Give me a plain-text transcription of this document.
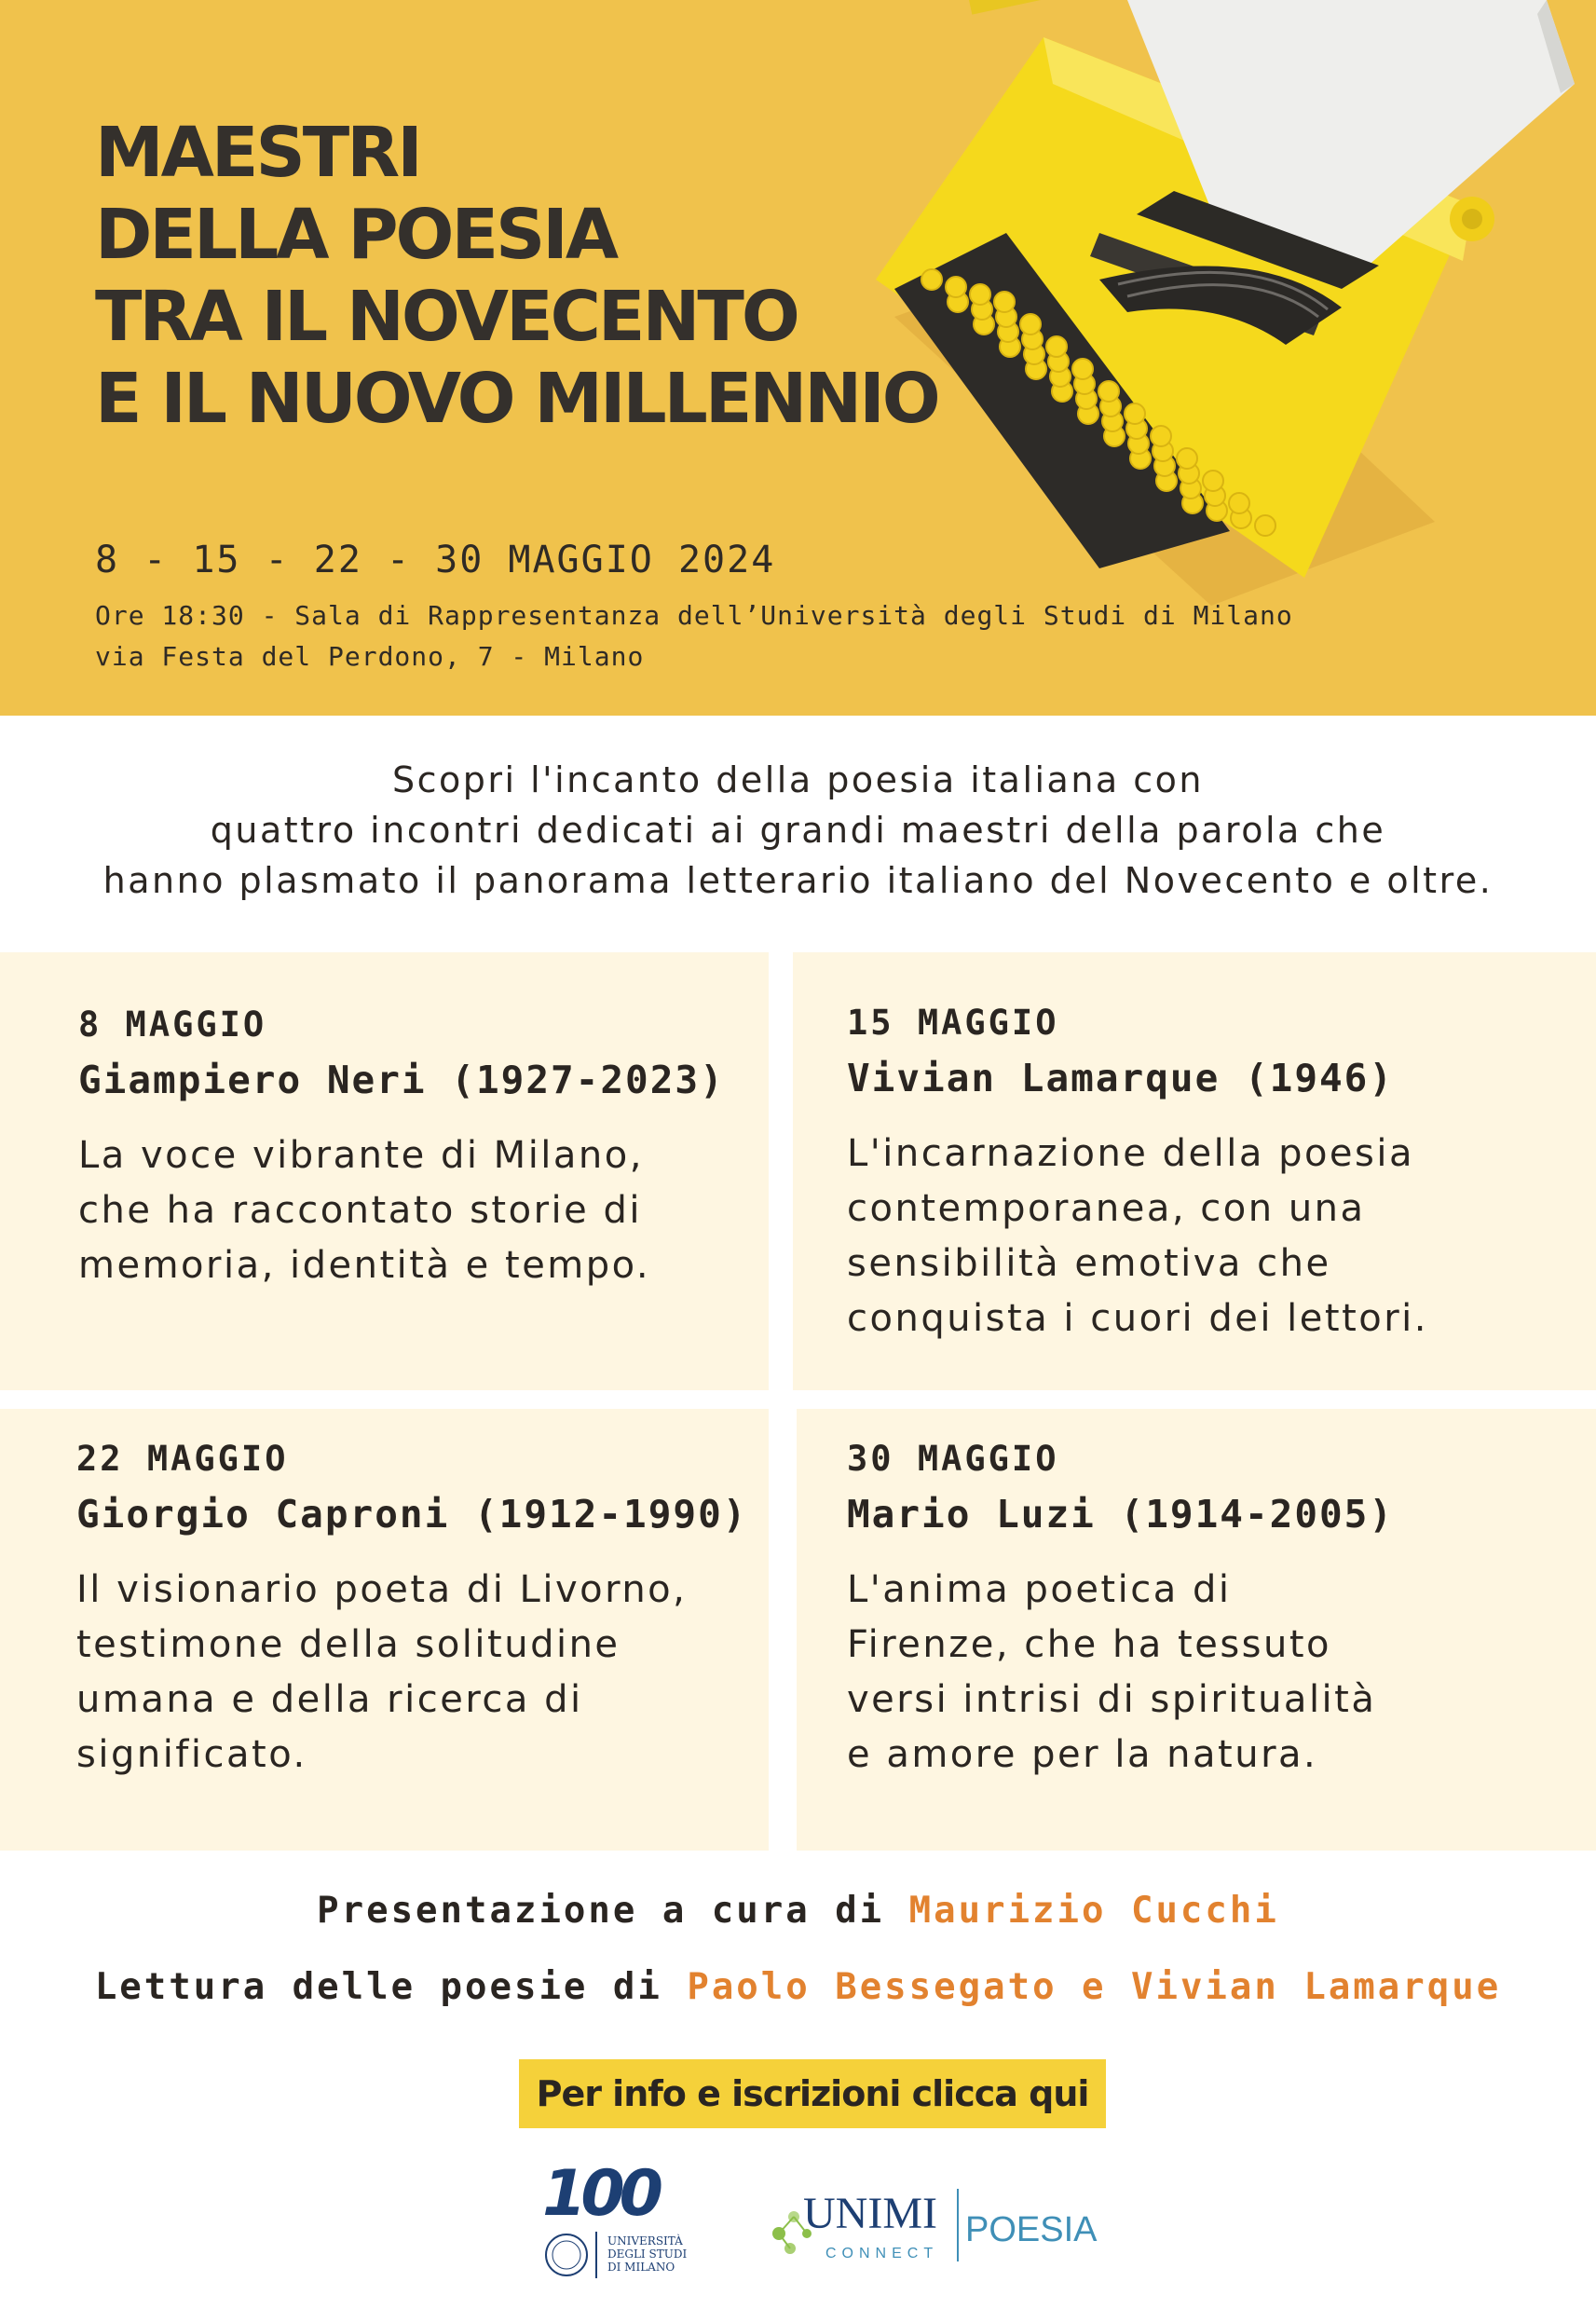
MAESTRI
DELLA POESIA
TRA IL NOVECENTO
E IL NUOVO MILLENNIO
8 - 15 - 22 - 30 MAGGIO 2024
Ore 18:30 - Sala di Rappresentanza dell’Università degli Studi di Milano
via Festa del Perdono, 7 - Milano
Scopri l'incanto della poesia italiana con
quattro incontri dedicati ai grandi maestri della parola che
hanno plasmato il panorama letterario italiano del Novecento e oltre.
8 MAGGIO
Giampiero Neri (1927-2023)
La voce vibrante di Milano,
che ha raccontato storie di
memoria, identità e tempo.
15 MAGGIO
Vivian Lamarque (1946)
L'incarnazione della poesia
contemporanea, con una
sensibilità emotiva che
conquista i cuori dei lettori.
22 MAGGIO
Giorgio Caproni (1912-1990)
Il visionario poeta di Livorno,
testimone della solitudine
umana e della ricerca di
significato.
30 MAGGIO
Mario Luzi (1914-2005)
L'anima poetica di
Firenze, che ha tessuto
versi intrisi di spiritualità
e amore per la natura.
Presentazione a cura di Maurizio Cucchi
Lettura delle poesie di Paolo Bessegato e Vivian Lamarque
Per info e iscrizioni clicca qui
100
UNIVERSITÀ
DEGLI STUDI
DI MILANO
UNIMI
CONNECT
POESIA
